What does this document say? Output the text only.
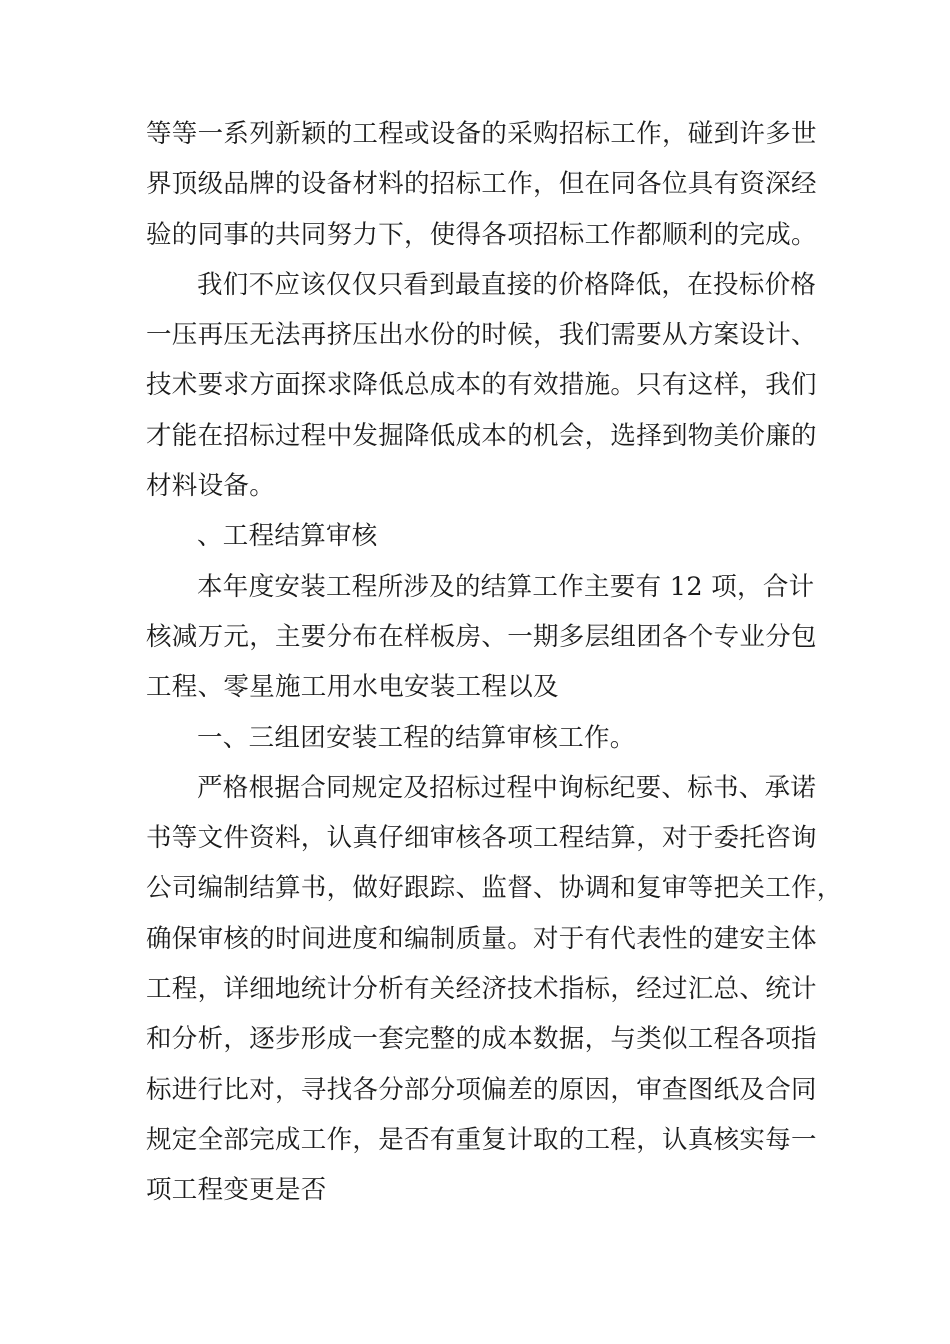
等等一系列新颖的工程或设备的采购招标工作，碰到许多世
界顶级品牌的设备材料的招标工作，但在同各位具有资深经
验的同事的共同努力下，使得各项招标工作都顺利的完成。
我们不应该仅仅只看到最直接的价格降低，在投标价格
一压再压无法再挤压出水份的时候，我们需要从方案设计、
技术要求方面探求降低总成本的有效措施。只有这样，我们
才能在招标过程中发掘降低成本的机会，选择到物美价廉的
材料设备。
、工程结算审核
本年度安装工程所涉及的结算工作主要有 12 项，合计
核减万元，主要分布在样板房、一期多层组团各个专业分包
工程、零星施工用水电安装工程以及
一、三组团安装工程的结算审核工作。
严格根据合同规定及招标过程中询标纪要、标书、承诺
书等文件资料，认真仔细审核各项工程结算，对于委托咨询
公司编制结算书，做好跟踪、监督、协调和复审等把关工作，
确保审核的时间进度和编制质量。对于有代表性的建安主体
工程，详细地统计分析有关经济技术指标，经过汇总、统计
和分析，逐步形成一套完整的成本数据，与类似工程各项指
标进行比对，寻找各分部分项偏差的原因，审查图纸及合同
规定全部完成工作，是否有重复计取的工程，认真核实每一
项工程变更是否
